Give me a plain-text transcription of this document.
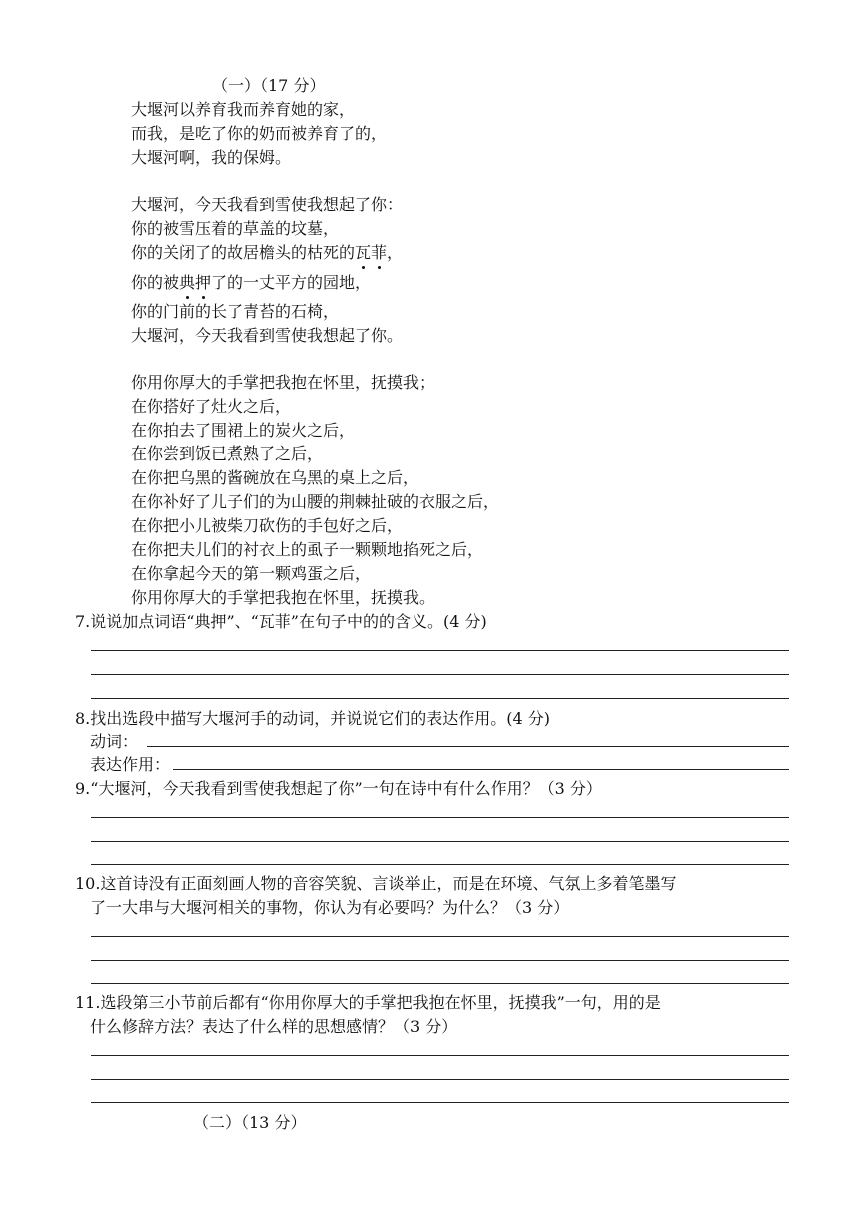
（一）（17 分）
大堰河以养育我而养育她的家，
而我，是吃了你的奶而被养育了的，
大堰河啊，我的保姆。
大堰河，今天我看到雪使我想起了你：
你的被雪压着的草盖的坟墓，
你的关闭了的故居檐头的枯死的瓦菲，
你的被典押了的一丈平方的园地，
你的门前的长了青苔的石椅，
大堰河，今天我看到雪使我想起了你。
你用你厚大的手掌把我抱在怀里，抚摸我；
在你搭好了灶火之后，
在你拍去了围裙上的炭火之后，
在你尝到饭已煮熟了之后，
在你把乌黑的酱碗放在乌黑的桌上之后，
在你补好了儿子们的为山腰的荆棘扯破的衣服之后，
在你把小儿被柴刀砍伤的手包好之后，
在你把夫儿们的衬衣上的虱子一颗颗地掐死之后，
在你拿起今天的第一颗鸡蛋之后，
你用你厚大的手掌把我抱在怀里，抚摸我。
7.说说加点词语“典押”、“瓦菲”在句子中的的含义。(4 分)
8.找出选段中描写大堰河手的动词，并说说它们的表达作用。(4 分)
动词：
表达作用：
9.“大堰河，今天我看到雪使我想起了你”一句在诗中有什么作用？（3 分）
10.这首诗没有正面刻画人物的音容笑貌、言谈举止，而是在环境、气氛上多着笔墨写
了一大串与大堰河相关的事物，你认为有必要吗？为什么？（3 分）
11.选段第三小节前后都有“你用你厚大的手掌把我抱在怀里，抚摸我”一句，用的是
什么修辞方法？表达了什么样的思想感情？（3 分）
（二）（13 分）
